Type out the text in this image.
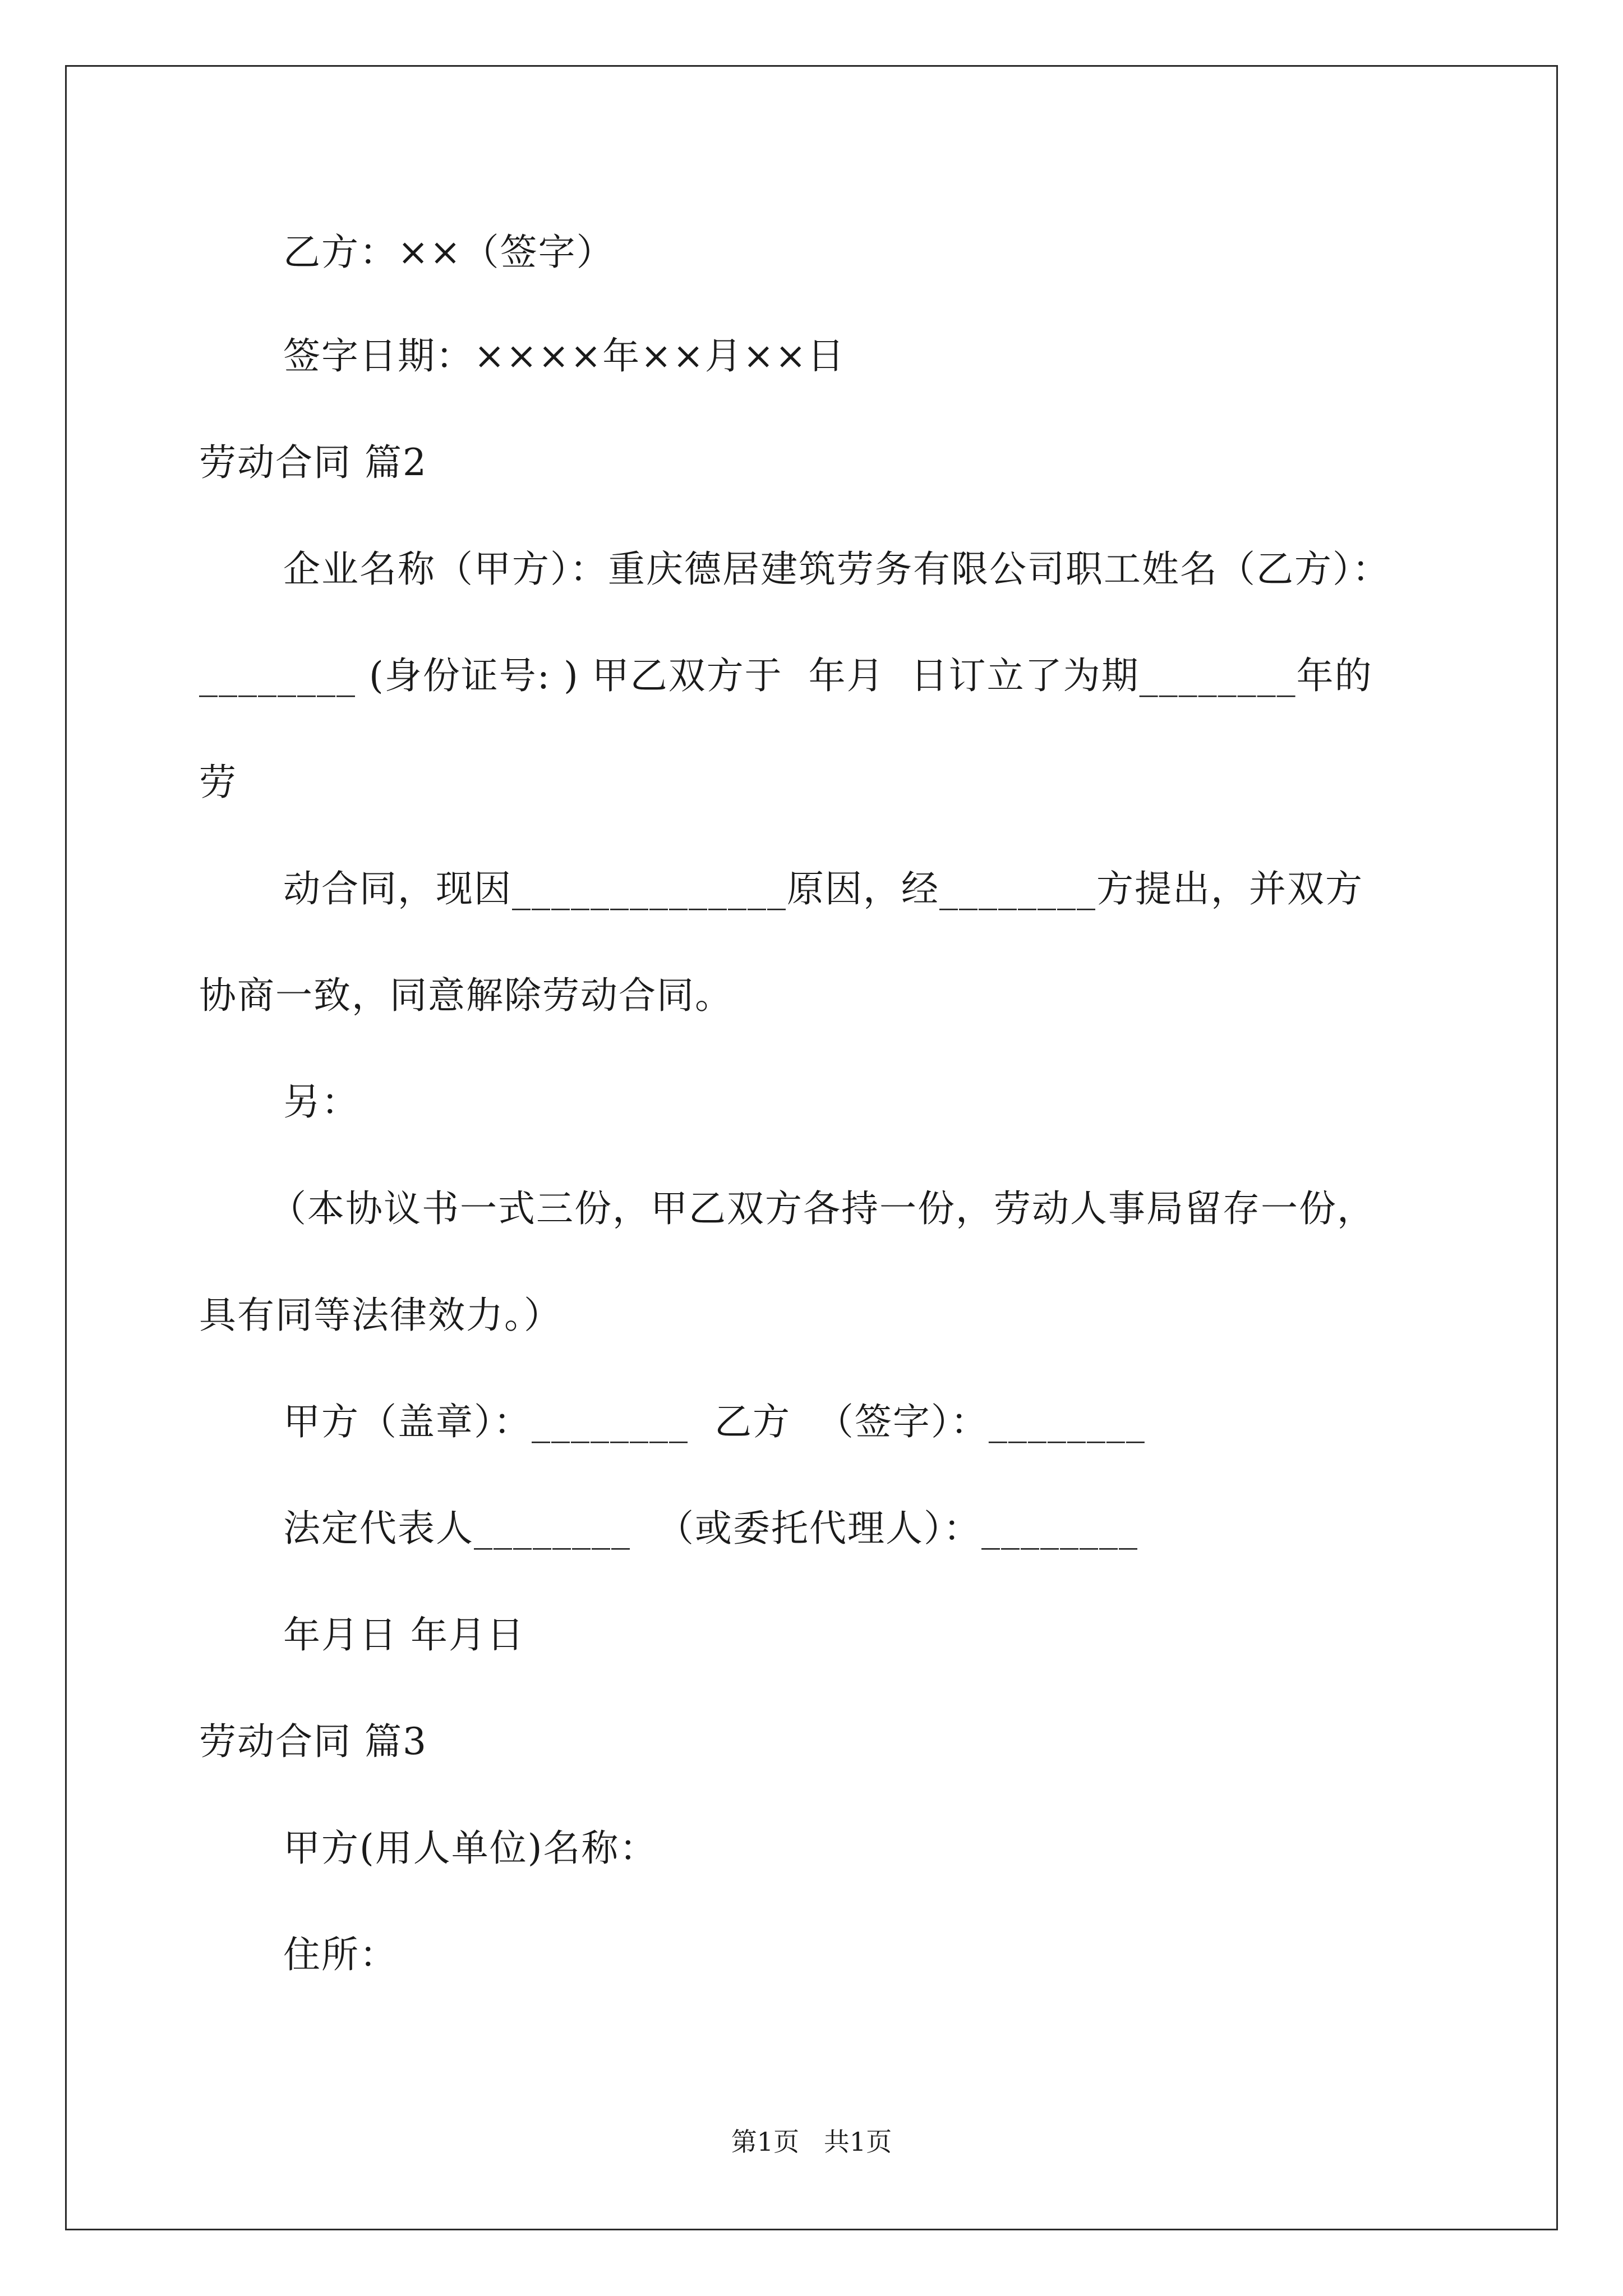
乙方：××（签字）
签字日期：××××年××月××日
劳动合同 篇2
企业名称（甲方）：重庆德居建筑劳务有限公司职工姓名（乙方）：
________ (身份证号: ) 甲乙双方于  年月  日订立了为期________年的
劳
动合同，现因______________原因，经________方提出，并双方
协商一致，同意解除劳动合同。
另：
（本协议书一式三份，甲乙双方各持一份，劳动人事局留存一份，
具有同等法律效力。）
甲方（盖章）：________  乙方  （签字）：________
法定代表人________  （或委托代理人）：________
年月日 年月日
劳动合同 篇3
甲方(用人单位)名称：
住所：
第1页   共1页
